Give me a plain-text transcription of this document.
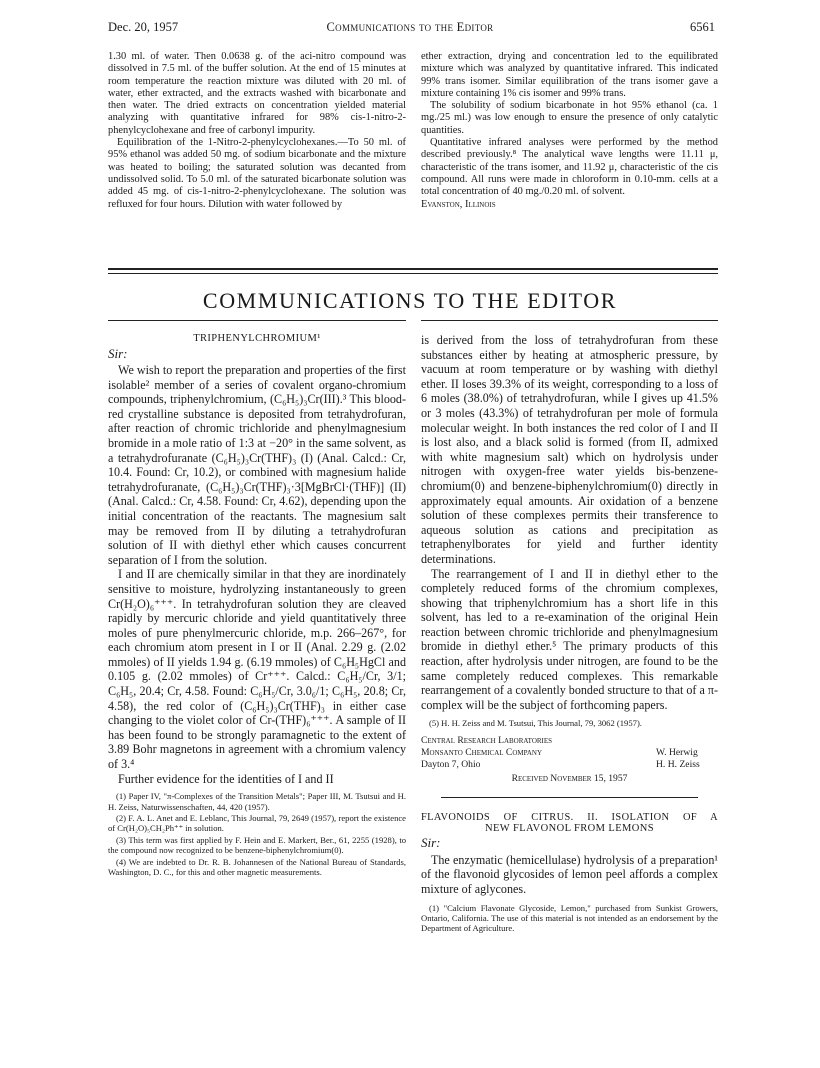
Dec. 20, 1957	Communications to the Editor	6561

1.30 ml. of water. Then 0.0638 g. of the aci-nitro compound was dissolved in 7.5 ml. of the buffer solution. At the end of 15 minutes at room temperature the reaction mixture was diluted with 20 ml. of water, ether extracted, and the extracts washed with bicarbonate and then water. The dried extracts on concentration yielded material analyzing with quantitative infrared for 98% cis-1-nitro-2-phenylcyclohexane and free of carbonyl impurity.

Equilibration of the 1-Nitro-2-phenylcyclohexanes.—To 50 ml. of 95% ethanol was added 50 mg. of sodium bicarbonate and the mixture was heated to boiling; the saturated solution was decanted from undissolved solid. To 5.0 ml. of the saturated bicarbonate solution was added 45 mg. of cis-1-nitro-2-phenylcyclohexane. The solution was refluxed for four hours. Dilution with water followed by

ether extraction, drying and concentration led to the equilibrated mixture which was analyzed by quantitative infrared. This indicated 99% trans isomer. Similar equilibration of the trans isomer gave a mixture containing 1% cis isomer and 99% trans.

The solubility of sodium bicarbonate in hot 95% ethanol (ca. 1 mg./25 ml.) was low enough to ensure the presence of only catalytic quantities.

Quantitative infrared analyses were performed by the method described previously.⁸ The analytical wave lengths were 11.11 μ, characteristic of the trans isomer, and 11.92 μ, characteristic of the cis compound. All runs were made in chloroform in 0.10-mm. cells at a total concentration of 40 mg./0.20 ml. of solvent.

Evanston, Illinois

COMMUNICATIONS TO THE EDITOR
TRIPHENYLCHROMIUM¹
Sir:

We wish to report the preparation and properties of the first isolable² member of a series of covalent organo-chromium compounds, triphenylchromium, (C₆H₅)₃Cr(III).³ This blood-red crystalline substance is deposited from tetrahydrofuran, after reaction of chromic trichloride and phenylmagnesium bromide in a mole ratio of 1:3 at −20° in the same solvent, as a tetrahydrofuranate (C₆H₅)₃Cr(THF)₃ (I) (Anal. Calcd.: Cr, 10.4. Found: Cr, 10.2), or combined with magnesium halide tetrahydrofuranate, (C₆H₅)₃Cr(THF)₃·3[MgBrCl·(THF)] (II) (Anal. Calcd.: Cr, 4.58. Found: Cr, 4.62), depending upon the initial concentration of the reactants. The magnesium salt may be removed from II by diluting a tetrahydrofuran solution of II with diethyl ether which causes concurrent separation of I from the solution.

I and II are chemically similar in that they are inordinately sensitive to moisture, hydrolyzing instantaneously to green Cr(H₂O)₆⁺⁺⁺. In tetrahydrofuran solution they are cleaved rapidly by mercuric chloride and yield quantitatively three moles of pure phenylmercuric chloride, m.p. 266–267°, for each chromium atom present in I or II (Anal. 2.29 g. (2.02 mmoles) of II yields 1.94 g. (6.19 mmoles) of C₆H₅HgCl and 0.105 g. (2.02 mmoles) of Cr⁺⁺⁺. Calcd.: C₆H₅/Cr, 3/1; C₆H₅, 20.4; Cr, 4.58. Found: C₆H₅/Cr, 3.0₆/1; C₆H₅, 20.8; Cr, 4.58), the red color of (C₆H₅)₃Cr(THF)₃ in either case changing to the violet color of Cr-(THF)₆⁺⁺⁺. A sample of II has been found to be strongly paramagnetic to the extent of 3.89 Bohr magnetons in agreement with a chromium valency of 3.⁴

Further evidence for the identities of I and II

(1) Paper IV, "π-Complexes of the Transition Metals"; Paper III, M. Tsutsui and H. H. Zeiss, Naturwissenschaften, 44, 420 (1957).

(2) F. A. L. Anet and E. Leblanc, This Journal, 79, 2649 (1957), report the existence of Cr(H₂O)₅CH₂Ph⁺⁺ in solution.

(3) This term was first applied by F. Hein and E. Markert, Ber., 61, 2255 (1928), to the compound now recognized to be benzene-biphenylchromium(0).

(4) We are indebted to Dr. R. B. Johannesen of the National Bureau of Standards, Washington, D. C., for this and other magnetic measurements.

is derived from the loss of tetrahydrofuran from these substances either by heating at atmospheric pressure, by vacuum at room temperature or by washing with diethyl ether. II loses 39.3% of its weight, corresponding to a loss of 6 moles (38.0%) of tetrahydrofuran, while I gives up 41.5% or 3 moles (43.3%) of tetrahydrofuran per mole of formula molecular weight. In both instances the red color of I and II is lost also, and a black solid is formed (from II, admixed with white magnesium salt) which on hydrolysis under nitrogen with oxygen-free water yields bis-benzene-chromium(0) and benzene-biphenylchromium(0) directly in approximately equal amounts. Air oxidation of a benzene solution of these complexes permits their transference to aqueous solution as cations and precipitation as tetraphenylborates for yield and further identity determinations.

The rearrangement of I and II in diethyl ether to the completely reduced forms of the chromium complexes, showing that triphenylchromium has a short life in this solvent, has led to a re-examination of the original Hein reaction between chromic trichloride and phenylmagnesium bromide in diethyl ether.⁵ The primary products of this reaction, after hydrolysis under nitrogen, are found to be the same completely reduced complexes. This remarkable rearrangement of a covalently bonded structure to that of a π-complex will be the subject of forthcoming papers.

(5) H. H. Zeiss and M. Tsutsui, This Journal, 79, 3062 (1957).

Central Research Laboratories
Monsanto Chemical Company	W. Herwig
Dayton 7, Ohio	H. H. Zeiss
Received November 15, 1957
FLAVONOIDS OF CITRUS. II. ISOLATION OF A
NEW FLAVONOL FROM LEMONS
Sir:

The enzymatic (hemicellulase) hydrolysis of a preparation¹ of the flavonoid glycosides of lemon peel affords a complex mixture of aglycones.

(1) "Calcium Flavonate Glycoside, Lemon," purchased from Sunkist Growers, Ontario, California. The use of this material is not intended as an endorsement by the Department of Agriculture.
